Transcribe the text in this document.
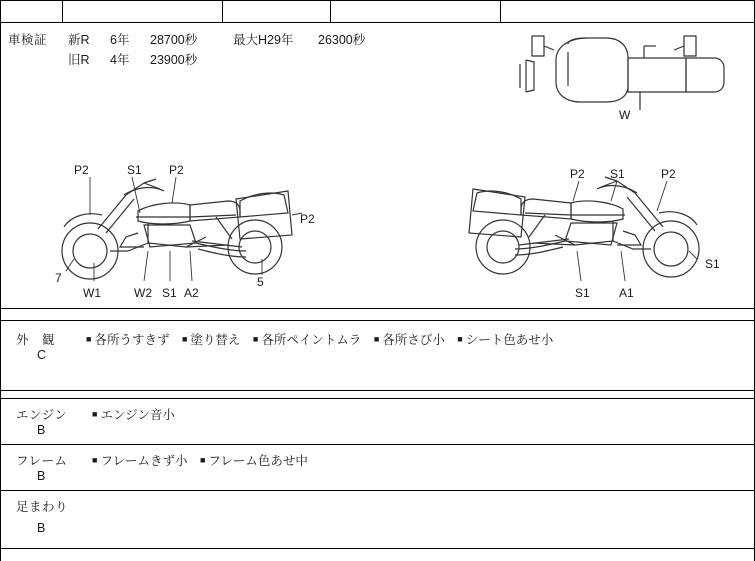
車検証 新R 6年 28700秒	最大H29年 26300秒
旧R 4年 23900秒
W
P2	S1 P2
P2
7
W1	W2 S1 A2
5
P2 S1	P2
S1
S1 A1
外　観
C
■ 各所うすきず ■ 塗り替え ■ 各所ペイントムラ ■ 各所さび小 ■ シート色あせ小
エンジン
B
■ エンジン音小
フレーム
B
■ フレームきず小 ■ フレーム色あせ中
足まわり
B
